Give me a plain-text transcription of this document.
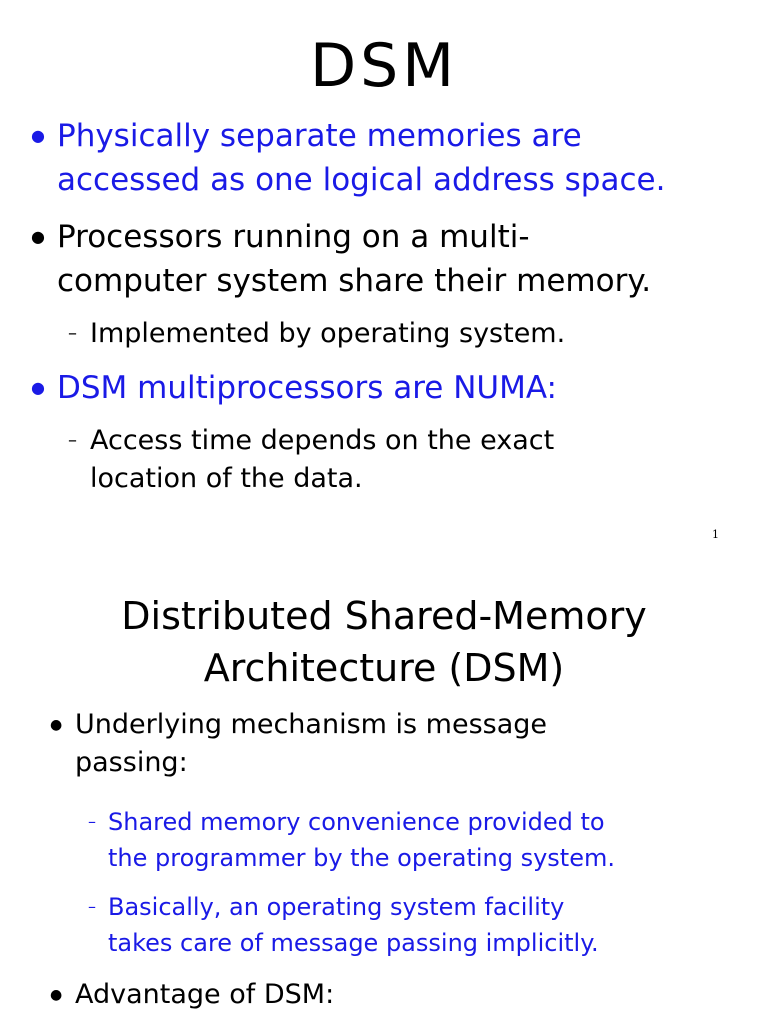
DSM
● Physically separate memories are
accessed as one logical address space.
● Processors running on a multi-
computer system share their memory.
– Implemented by operating system.
● DSM multiprocessors are NUMA:
– Access time depends on the exact
location of the data.
1
Distributed Shared-Memory
Architecture (DSM)
● Underlying mechanism is message
passing:
– Shared memory convenience provided to
the programmer by the operating system.
– Basically, an operating system facility
takes care of message passing implicitly.
● Advantage of DSM:
